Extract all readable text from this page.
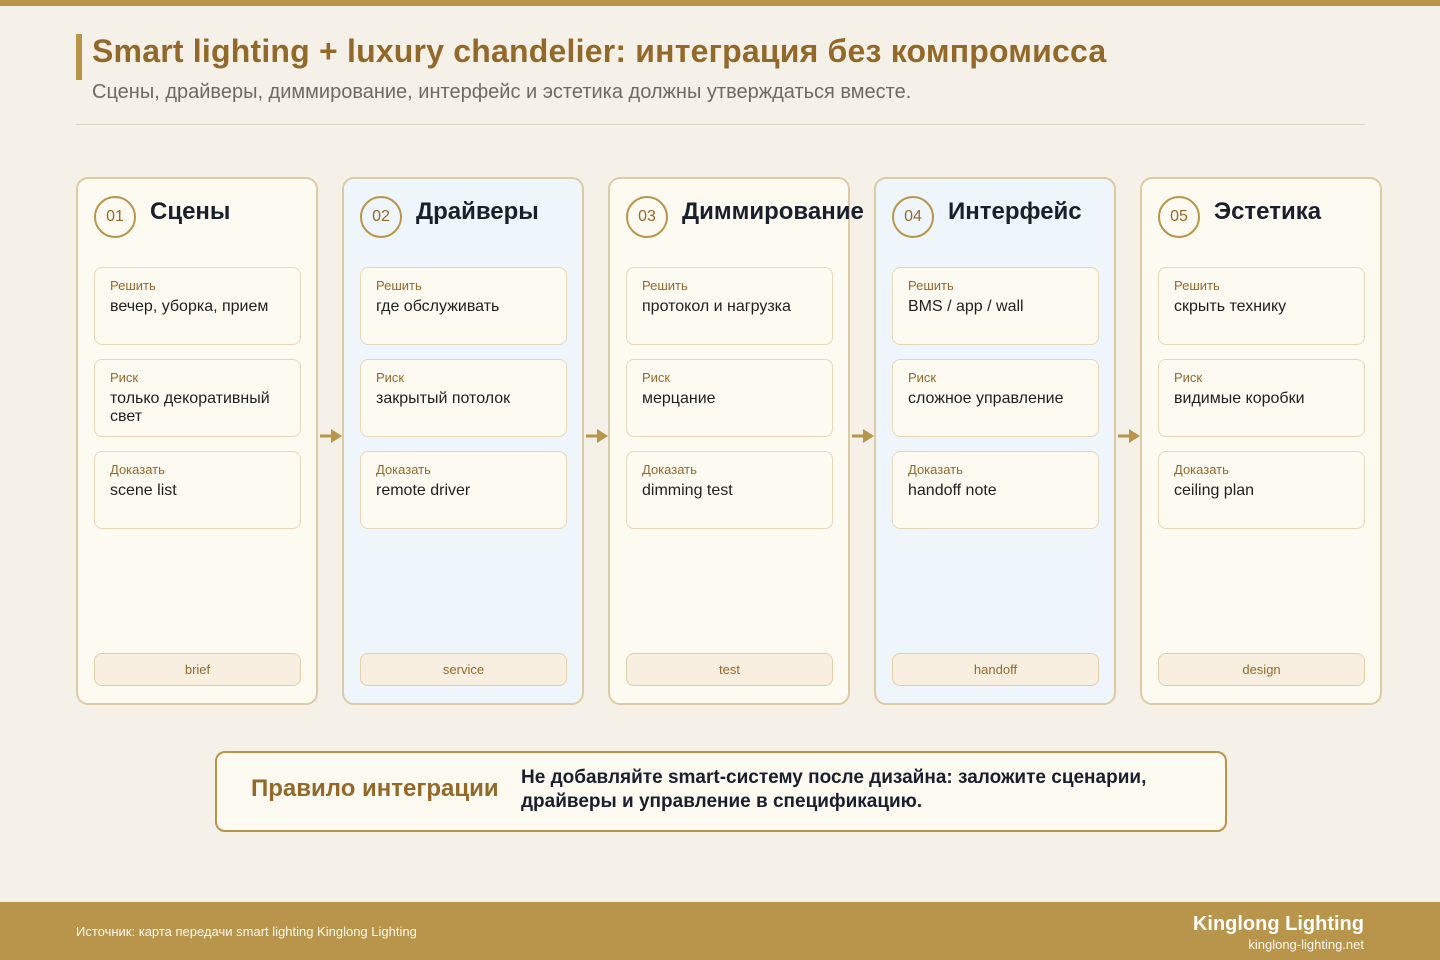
Smart lighting + luxury chandelier: интеграция без компромисса
Сцены, драйверы, диммирование, интерфейс и эстетика должны утверждаться вместе.
01	Сцены
Решить
вечер, уборка, прием
Риск
только декоративный свет
Доказать
scene list
brief
02	Драйверы
Решить
где обслуживать
Риск
закрытый потолок
Доказать
remote driver
service
03	Диммирование
Решить
протокол и нагрузка
Риск
мерцание
Доказать
dimming test
test
04	Интерфейс
Решить
BMS / app / wall
Риск
сложное управление
Доказать
handoff note
handoff
05	Эстетика
Решить
скрыть технику
Риск
видимые коробки
Доказать
ceiling plan
design
Правило интеграции Не добавляйте smart-систему после дизайна: заложите сценарии, драйверы и управление в спецификацию.
Источник: карта передачи smart lighting Kinglong Lighting	Kinglong Lighting
kinglong-lighting.net
